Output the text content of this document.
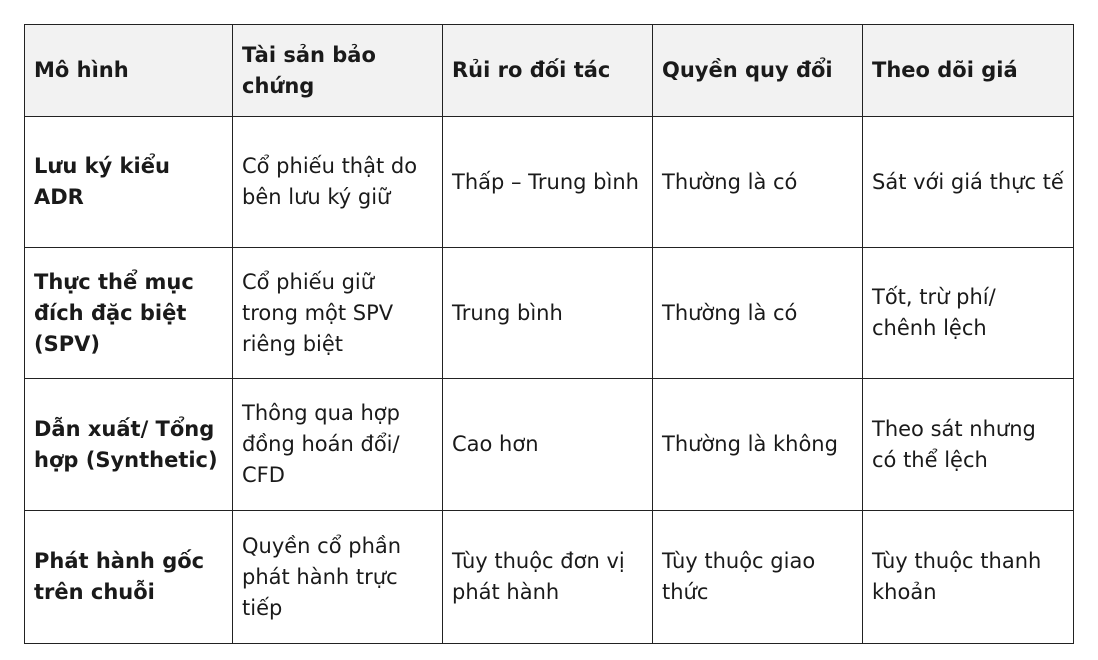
Mô hình	Tài sản bảo chứng	Rủi ro đối tác	Quyền quy đổi	Theo dõi giá
Lưu ký kiểu ADR	Cổ phiếu thật do bên lưu ký giữ	Thấp – Trung bình	Thường là có	Sát với giá thực tế
Thực thể mục đích đặc biệt (SPV)	Cổ phiếu giữ trong một SPV riêng biệt	Trung bình	Thường là có	Tốt, trừ phí/ chênh lệch
Dẫn xuất/ Tổng hợp (Synthetic)	Thông qua hợp đồng hoán đổi/ CFD	Cao hơn	Thường là không	Theo sát nhưng có thể lệch
Phát hành gốc trên chuỗi	Quyền cổ phần phát hành trực tiếp	Tùy thuộc đơn vị phát hành	Tùy thuộc giao thức	Tùy thuộc thanh khoản
